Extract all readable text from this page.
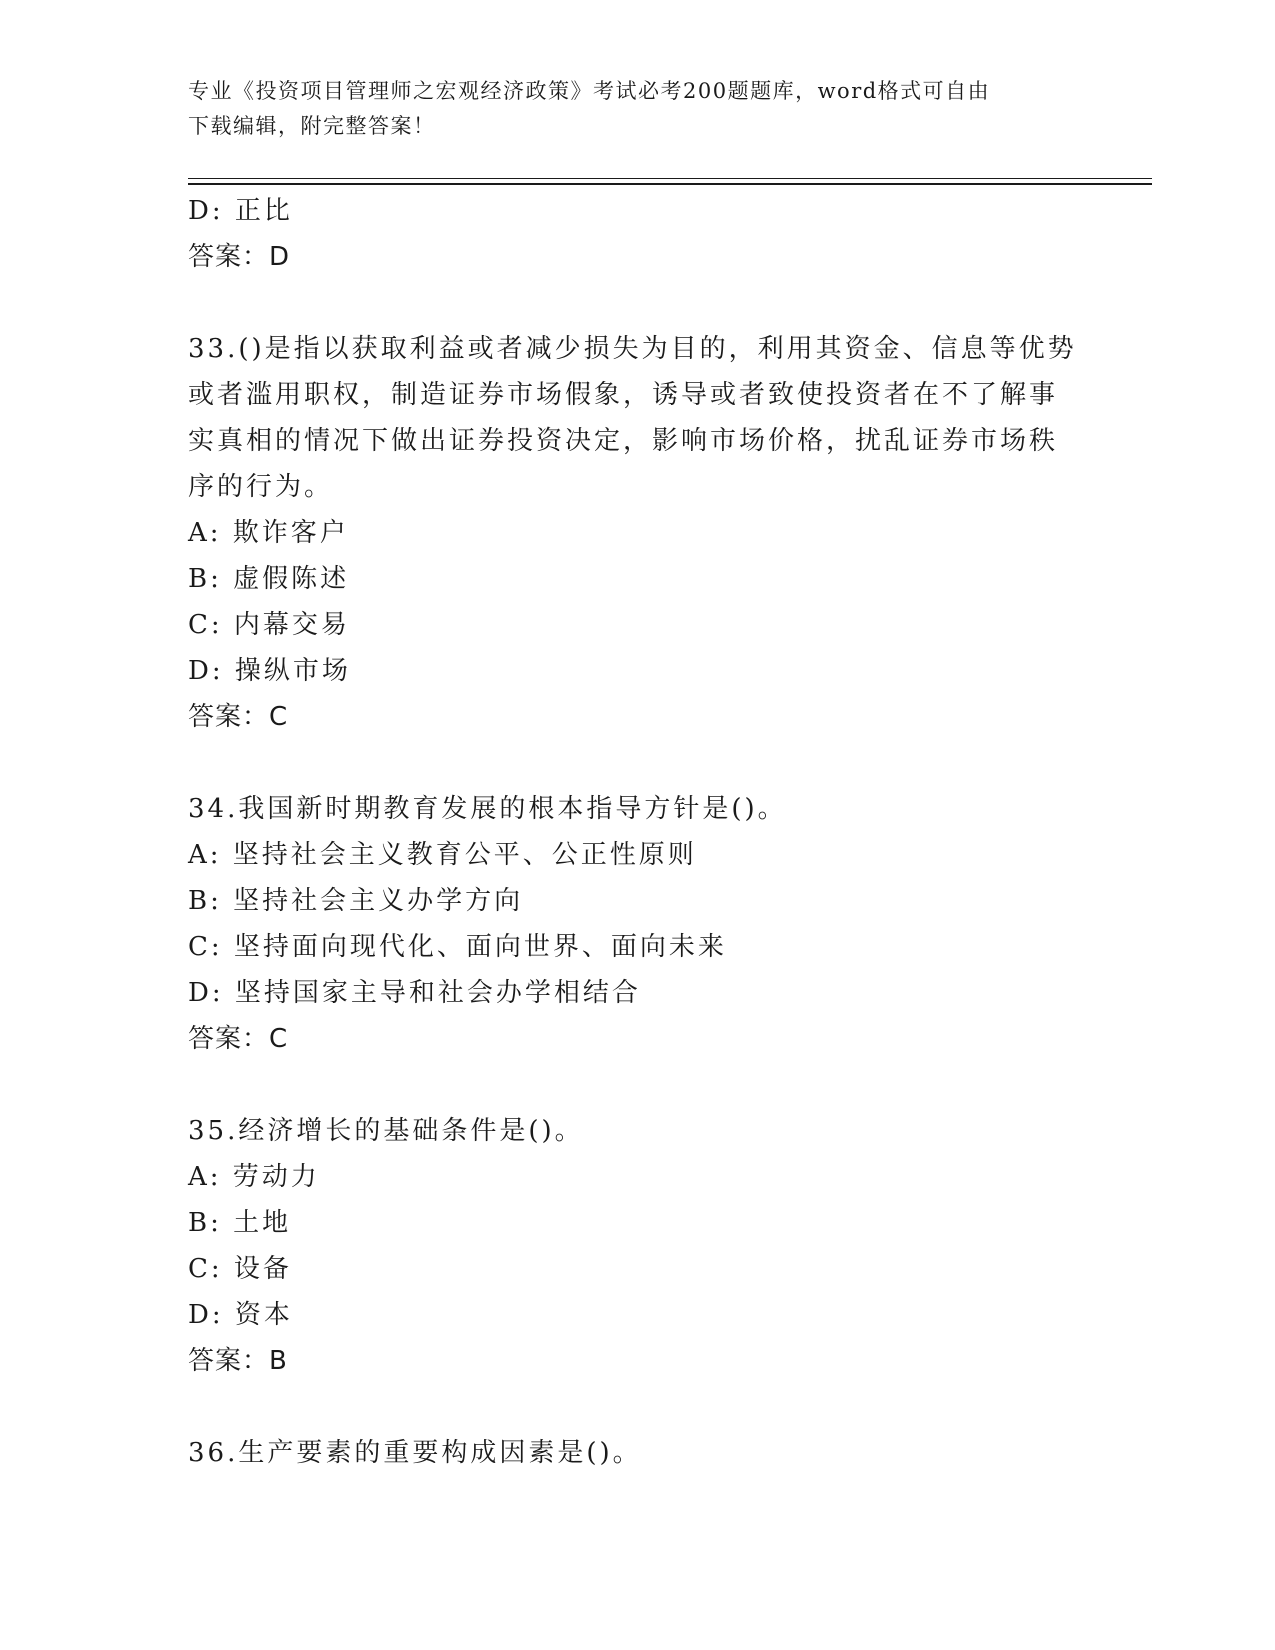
专业《投资项目管理师之宏观经济政策》考试必考200题题库，word格式可自由
下载编辑，附完整答案！
D: 正比
答案：D
33.()是指以获取利益或者减少损失为目的，利用其资金、信息等优势
或者滥用职权，制造证券市场假象，诱导或者致使投资者在不了解事
实真相的情况下做出证券投资决定，影响市场价格，扰乱证券市场秩
序的行为。
A: 欺诈客户
B: 虚假陈述
C: 内幕交易
D: 操纵市场
答案：C
34.我国新时期教育发展的根本指导方针是()。
A: 坚持社会主义教育公平、公正性原则
B: 坚持社会主义办学方向
C: 坚持面向现代化、面向世界、面向未来
D: 坚持国家主导和社会办学相结合
答案：C
35.经济增长的基础条件是()。
A: 劳动力
B: 土地
C: 设备
D: 资本
答案：B
36.生产要素的重要构成因素是()。
